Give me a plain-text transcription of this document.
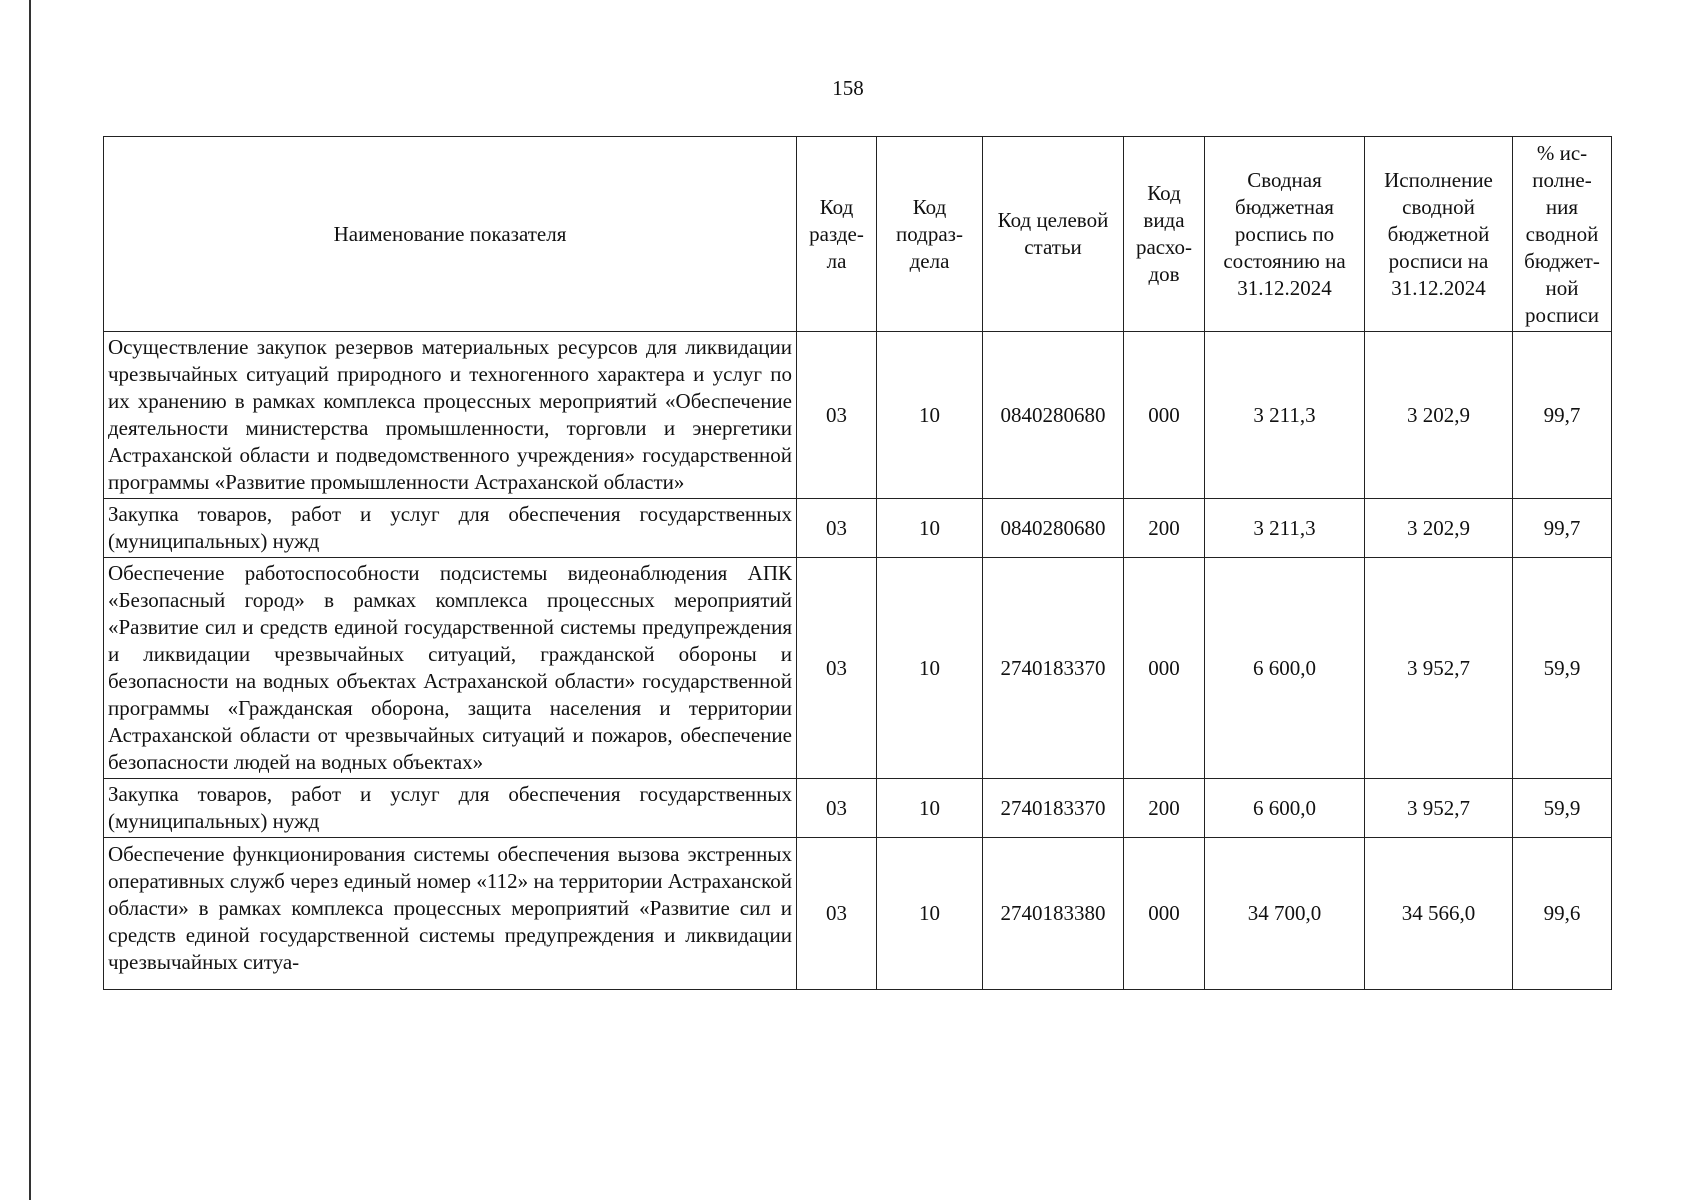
158
Наименование показателя	Код разде-ла	Код подраз-дела	Код целевой статьи	Код вида расхо-дов	Сводная бюджетная роспись по состоянию на 31.12.2024	Исполнение сводной бюджетной росписи на 31.12.2024	% ис-полне-ния сводной бюджет-ной росписи
Осуществление закупок резервов материальных ресурсов для ликвидации чрезвычайных ситуаций природного и техногенного характера и услуг по их хранению в рамках комплекса процессных мероприятий «Обеспечение деятельности министерства промышленности, торговли и энергетики Астраханской области и подведомственного учреждения» государственной программы «Развитие промышленности Астраханской области»	03	10	0840280680	000	3 211,3	3 202,9	99,7
Закупка товаров, работ и услуг для обеспечения государственных (муниципальных) нужд	03	10	0840280680	200	3 211,3	3 202,9	99,7
Обеспечение работоспособности подсистемы видеонаблюдения АПК «Безопасный город» в рамках комплекса процессных мероприятий «Развитие сил и средств единой государственной системы предупреждения и ликвидации чрезвычайных ситуаций, гражданской обороны и безопасности на водных объектах Астраханской области» государственной программы «Гражданская оборона, защита населения и территории Астраханской области от чрезвычайных ситуаций и пожаров, обеспечение безопасности людей на водных объектах»	03	10	2740183370	000	6 600,0	3 952,7	59,9
Закупка товаров, работ и услуг для обеспечения государственных (муниципальных) нужд	03	10	2740183370	200	6 600,0	3 952,7	59,9

Обеспечение функционирования системы обеспечения вызова экстренных оперативных служб через единый номер «112» на территории Астраханской области» в рамках комплекса процессных мероприятий «Развитие сил и средств единой государственной системы предупреждения и ликвидации чрезвычайных ситуа-	03	10	2740183380	000	34 700,0	34 566,0	99,6
